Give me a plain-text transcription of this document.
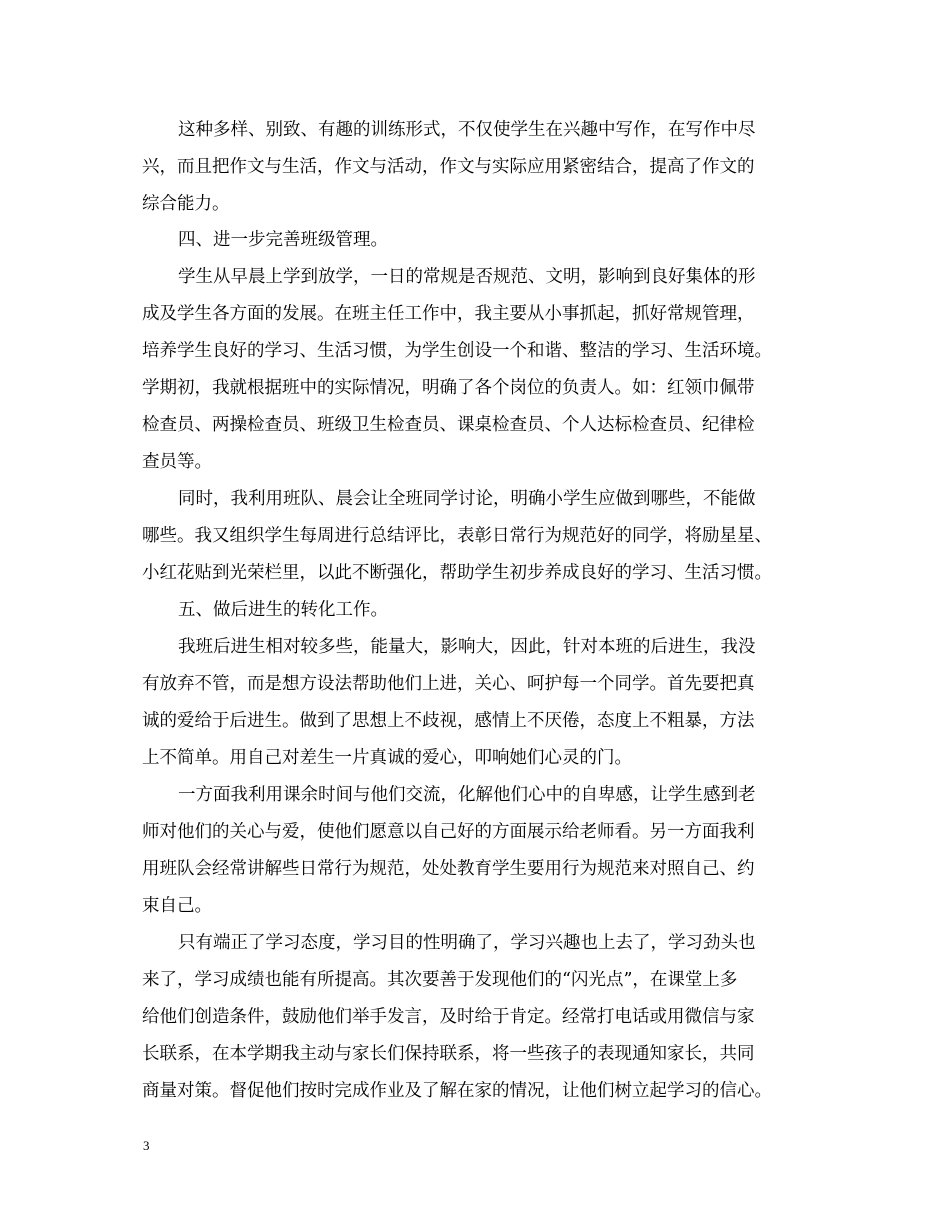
这种多样、别致、有趣的训练形式，不仅使学生在兴趣中写作，在写作中尽
兴，而且把作文与生活，作文与活动，作文与实际应用紧密结合，提高了作文的
综合能力。
四、进一步完善班级管理。
学生从早晨上学到放学，一日的常规是否规范、文明，影响到良好集体的形
成及学生各方面的发展。在班主任工作中，我主要从小事抓起，抓好常规管理，
培养学生良好的学习、生活习惯，为学生创设一个和谐、整洁的学习、生活环境。
学期初，我就根据班中的实际情况，明确了各个岗位的负责人。如：红领巾佩带
检查员、两操检查员、班级卫生检查员、课桌检查员、个人达标检查员、纪律检
查员等。
同时，我利用班队、晨会让全班同学讨论，明确小学生应做到哪些，不能做
哪些。我又组织学生每周进行总结评比，表彰日常行为规范好的同学，将励星星、
小红花贴到光荣栏里，以此不断强化，帮助学生初步养成良好的学习、生活习惯。
五、做后进生的转化工作。
我班后进生相对较多些，能量大，影响大，因此，针对本班的后进生，我没
有放弃不管，而是想方设法帮助他们上进，关心、呵护每一个同学。首先要把真
诚的爱给于后进生。做到了思想上不歧视，感情上不厌倦，态度上不粗暴，方法
上不简单。用自己对差生一片真诚的爱心，叩响她们心灵的门。
一方面我利用课余时间与他们交流，化解他们心中的自卑感，让学生感到老
师对他们的关心与爱，使他们愿意以自己好的方面展示给老师看。另一方面我利
用班队会经常讲解些日常行为规范，处处教育学生要用行为规范来对照自己、约
束自己。
只有端正了学习态度，学习目的性明确了，学习兴趣也上去了，学习劲头也
来了，学习成绩也能有所提高。其次要善于发现他们的“闪光点”，在课堂上多
给他们创造条件，鼓励他们举手发言，及时给于肯定。经常打电话或用微信与家
长联系，在本学期我主动与家长们保持联系，将一些孩子的表现通知家长，共同
商量对策。督促他们按时完成作业及了解在家的情况，让他们树立起学习的信心。
3
